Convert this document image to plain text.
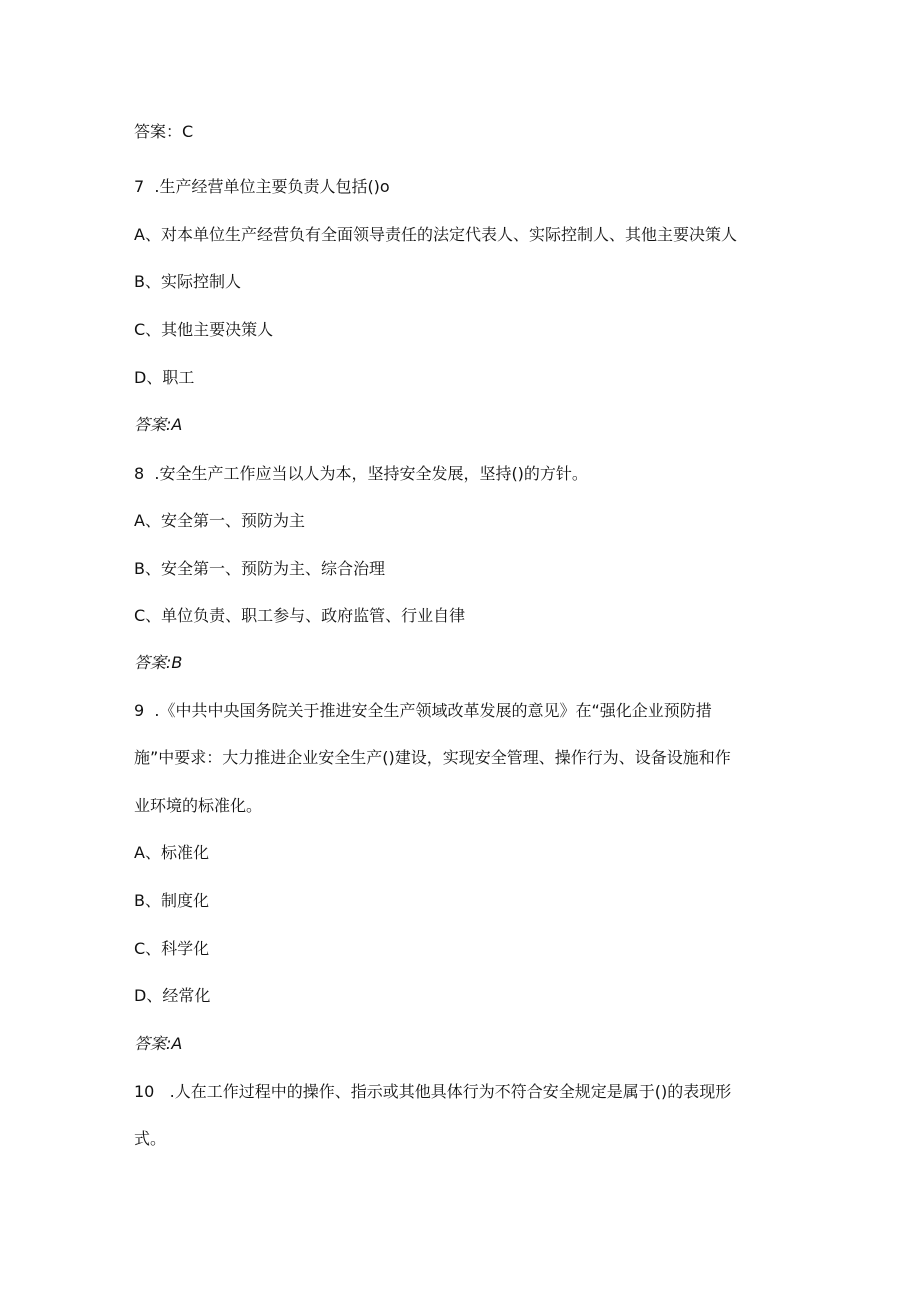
答案：C
7  .生产经营单位主要负责人包括()o
A、对本单位生产经营负有全面领导责任的法定代表人、实际控制人、其他主要决策人
B、实际控制人
C、其他主要决策人
D、职工
答案:A
8  .安全生产工作应当以人为本，坚持安全发展，坚持()的方针。
A、安全第一、预防为主
B、安全第一、预防为主、综合治理
C、单位负责、职工参与、政府监管、行业自律
答案:B
9  .《中共中央国务院关于推进安全生产领域改革发展的意见》在“强化企业预防措
施”中要求：大力推进企业安全生产()建设，实现安全管理、操作行为、设备设施和作
业环境的标准化。
A、标准化
B、制度化
C、科学化
D、经常化
答案:A
10   .人在工作过程中的操作、指示或其他具体行为不符合安全规定是属于()的表现形
式。
